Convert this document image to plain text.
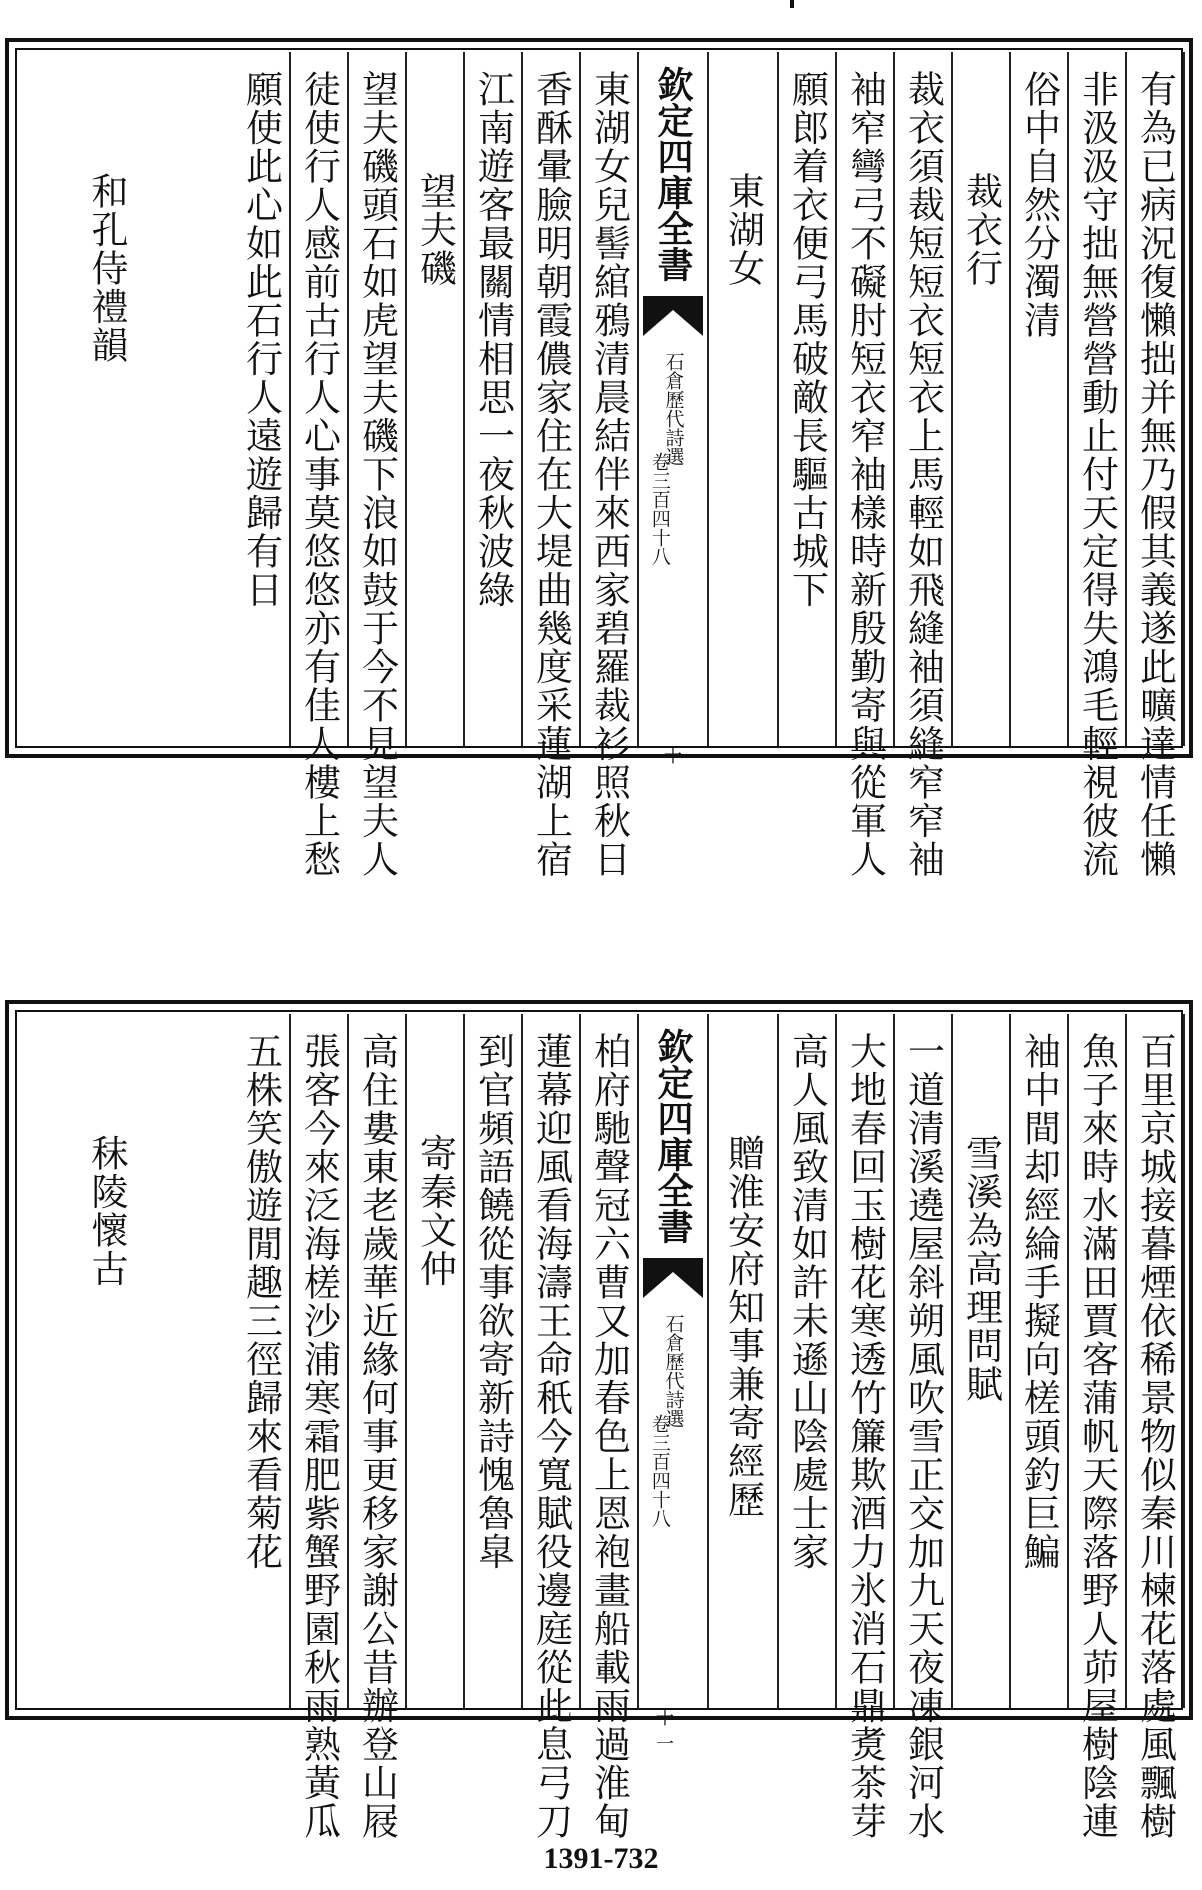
有為已病況復懶拙并無乃假其義遂此曠達情任懶
非汲汲守拙無營營動止付天定得失鴻毛輕視彼流
俗中自然分濁清
裁衣行
裁衣須裁短短衣短衣上馬輕如飛縫袖須縫窄窄袖
袖窄彎弓不礙肘短衣窄袖樣時新殷勤寄與從軍人
願郎着衣便弓馬破敵長驅古城下
東湖女
欽定四庫全書
石倉歷代詩選
卷三百四十八
十
東湖女兒髻綰鴉清晨結伴來西家碧羅裁衫照秋日
香酥暈臉明朝霞儂家住在大堤曲幾度采蓮湖上宿
江南遊客最關情相思一夜秋波綠
望夫磯
望夫磯頭石如虎望夫磯下浪如鼓于今不見望夫人
徒使行人感前古行人心事莫悠悠亦有佳人樓上愁
願使此心如此石行人遠遊歸有日
和孔侍禮韻
百里京城接暮煙依稀景物似秦川楝花落處風飄樹
魚子來時水滿田賈客蒲帆天際落野人茆屋樹陰連
袖中間却經綸手擬向槎頭釣巨鯿
雪溪為高理問賦
一道清溪遶屋斜朔風吹雪正交加九天夜凍銀河水
大地春回玉樹花寒透竹簾欺酒力氷消石鼎煑茶芽
高人風致清如許未遜山陰處士家
贈淮安府知事兼寄經歷
欽定四庫全書
石倉歷代詩選
卷三百四十八
十一
柏府馳聲冠六曹又加春色上恩袍畫船載雨過淮甸
蓮幕迎風看海濤王命秖今寬賦役邊庭從此息弓刀
到官頻語饒從事欲寄新詩愧魯皐
寄秦文仲
高住婁東老歲華近緣何事更移家謝公昔辦登山屐
張客今來泛海槎沙浦寒霜肥紫蟹野園秋雨熟黃瓜
五株笑傲遊閒趣三徑歸來看菊花
秣陵懷古
1391-732
